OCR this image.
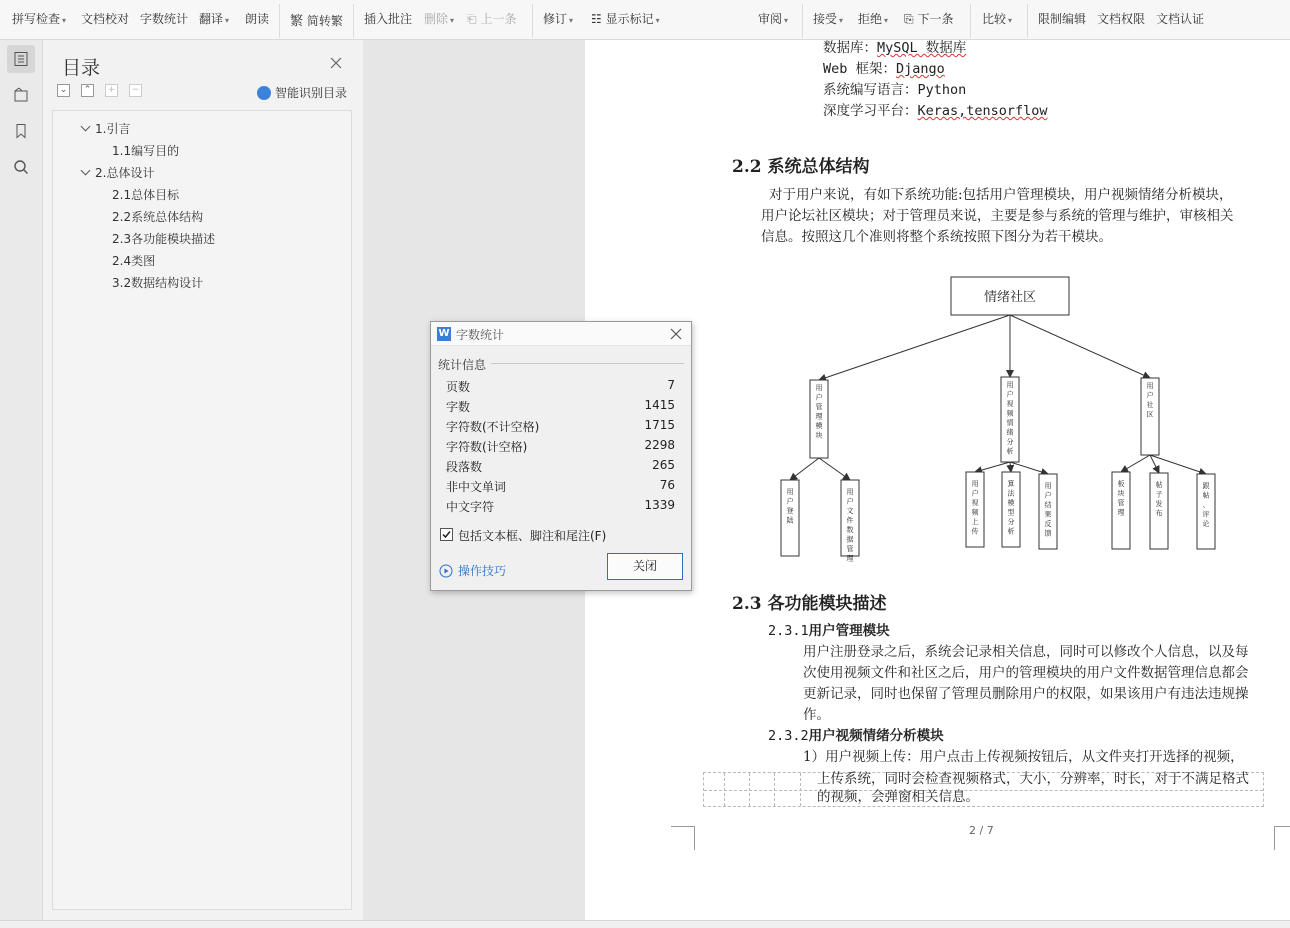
拼写检查 ▾ 文档校对 字数统计 翻译 ▾ 朗读 繁 简转繁 插入批注 删除 ▾ ⎗ 上一条 修订 ▾ ☷ 显示标记 ▾	审阅 ▾ 接受 ▾ 拒绝 ▾ ⎘ 下一条 比较 ▾ 限制编辑 文档权限 文档认证
目录
⌄	⌃	+	−	智能识别目录
1.引言
1.1编写目的
2.总体设计
2.1总体目标
2.2系统总体结构
2.3各功能模块描述
2.4类图
3.2数据结构设计
数据库：MySQL 数据库
Web 框架：Django
系统编写语言：Python
深度学习平台：Keras,tensorflow
2.2 系统总体结构
对于用户来说，有如下系统功能:包括用户管理模块，用户视频情绪分析模块，
用户论坛社区模块；对于管理员来说，主要是参与系统的管理与维护，审核相关
信息。按照这几个准则将整个系统按照下图分为若干模块。
情绪社区
用
户
管
理
模
块
用
户
登
陆
用
户
文
件
数
据
管
理
用
户
视
频
情
绪
分
析
用
户
视
频
上
传
算
法
模
型
分
析
用
户
结
果
反
馈
用
户
社
区
板
块
管
理
帖
子
发
布
跟
帖
、
评
论
2.3 各功能模块描述
2.3.1用户管理模块
用户注册登录之后，系统会记录相关信息，同时可以修改个人信息，以及每
次使用视频文件和社区之后，用户的管理模块的用户文件数据管理信息都会
更新记录，同时也保留了管理员删除用户的权限，如果该用户有违法违规操
作。
2.3.2用户视频情绪分析模块
1）用户视频上传：用户点击上传视频按钮后，从文件夹打开选择的视频，
上传系统，同时会检查视频格式，大小，分辨率，时长，对于不满足格式
的视频，会弹窗相关信息。
2 / 7
W 字数统计
统计信息
页数	7
字数	1415
字符数(不计空格)	1715
字符数(计空格)	2298
段落数	265
非中文单词	76
中文字符	1339
包括文本框、脚注和尾注(F)
操作技巧	关闭
